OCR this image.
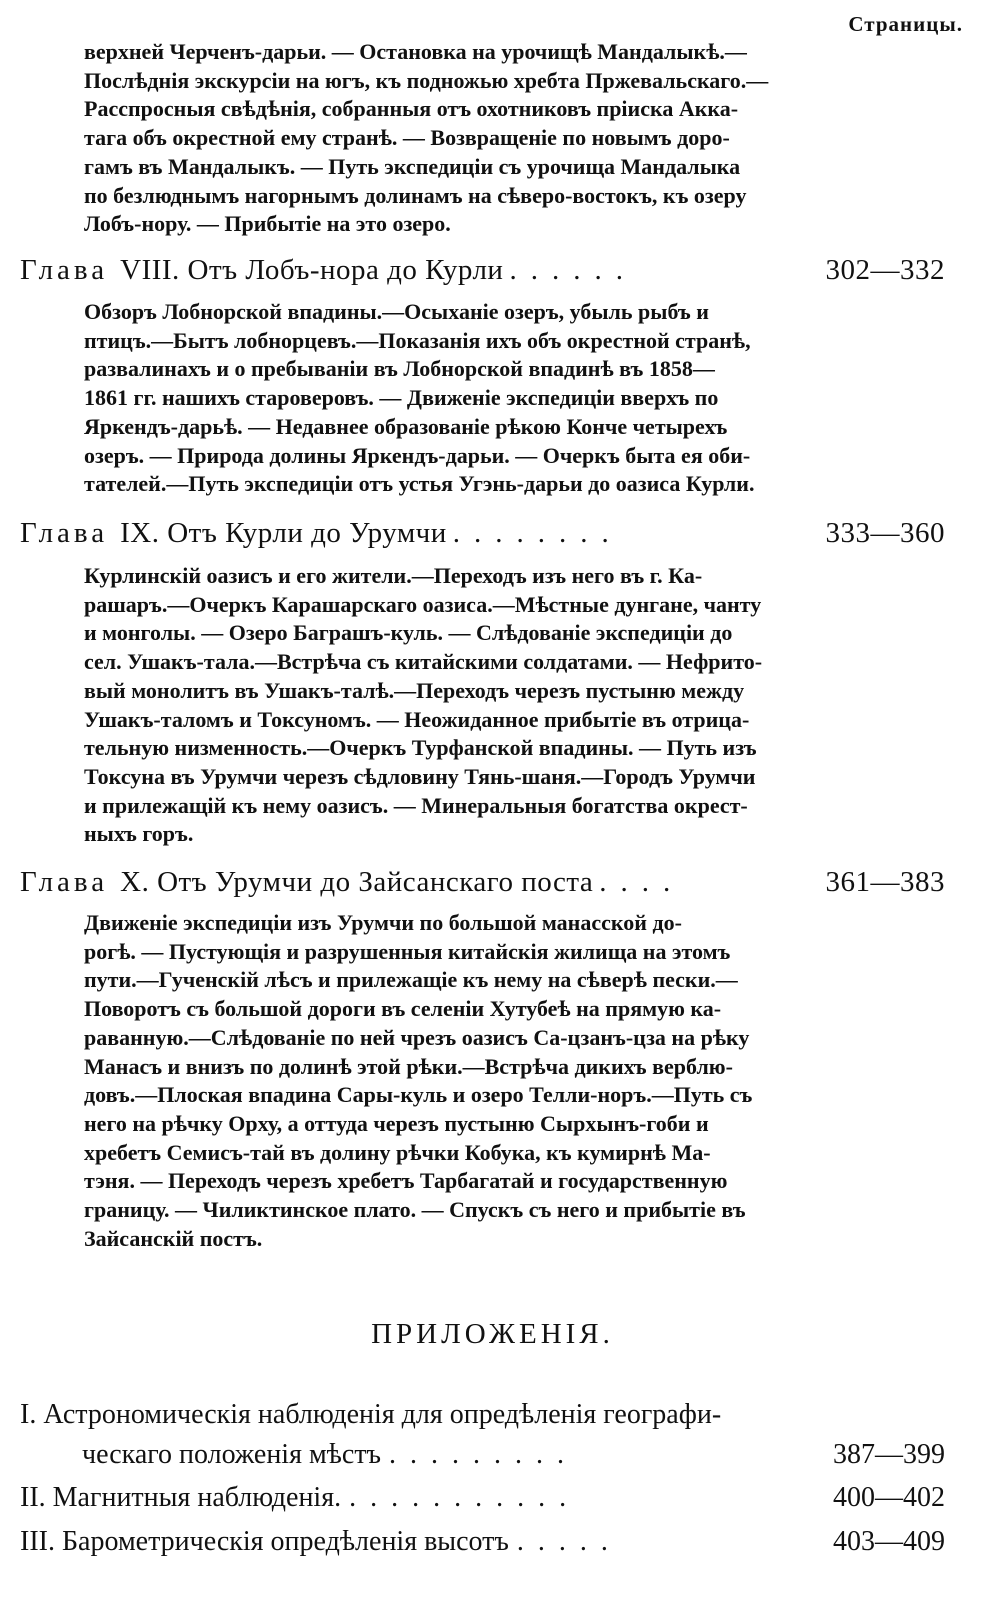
Страницы.
верхней Черченъ-дарьи. — Остановка на урочищѣ Мандалыкѣ.—
Послѣднія экскурсіи на югъ, къ подножью хребта Пржевальскаго.—
Расспросныя свѣдѣнія, собранныя отъ охотниковъ пріиска Акка-
тага объ окрестной ему странѣ. — Возвращеніе по новымъ доро-
гамъ въ Мандалыкъ. — Путь экспедиціи съ урочища Мандалыка
по безлюднымъ нагорнымъ долинамъ на сѣверо-востокъ, къ озеру
Лобъ-нору. — Прибытіе на это озеро.
Глава VIII. Отъ Лобъ-нора до Курли ......	302—332
Обзоръ Лобнорской впадины.—Осыханіе озеръ, убыль рыбъ и
птицъ.—Бытъ лобнорцевъ.—Показанія ихъ объ окрестной странѣ,
развалинахъ и о пребываніи въ Лобнорской впадинѣ въ 1858—
1861 гг. нашихъ староверовъ. — Движеніе экспедиціи вверхъ по
Яркендъ-дарьѣ. — Недавнее образованіе рѣкою Конче четырехъ
озеръ. — Природа долины Яркендъ-дарьи. — Очеркъ быта ея оби-
тателей.—Путь экспедиціи отъ устья Угэнь-дарьи до оазиса Курли.
Глава IX. Отъ Курли до Урумчи ........	333—360
Курлинскій оазисъ и его жители.—Переходъ изъ него въ г. Ка-
рашаръ.—Очеркъ Карашарскаго оазиса.—Мѣстные дунгане, чанту
и монголы. — Озеро Баграшъ-куль. — Слѣдованіе экспедиціи до
сел. Ушакъ-тала.—Встрѣча съ китайскими солдатами. — Нефрито-
вый монолитъ въ Ушакъ-талѣ.—Переходъ черезъ пустыню между
Ушакъ-таломъ и Токсуномъ. — Неожиданное прибытіе въ отрица-
тельную низменность.—Очеркъ Турфанской впадины. — Путь изъ
Токсуна въ Урумчи черезъ сѣдловину Тянь-шаня.—Городъ Урумчи
и прилежащій къ нему оазисъ. — Минеральныя богатства окрест-
ныхъ горъ.
Глава X. Отъ Урумчи до Зайсанскаго поста ....	361—383
Движеніе экспедиціи изъ Урумчи по большой манасской до-
рогѣ. — Пустующія и разрушенныя китайскія жилища на этомъ
пути.—Гученскій лѣсъ и прилежащіе къ нему на сѣверѣ пески.—
Поворотъ съ большой дороги въ селеніи Хутубеѣ на прямую ка-
раванную.—Слѣдованіе по ней чрезъ оазисъ Са-цзанъ-цза на рѣку
Манасъ и внизъ по долинѣ этой рѣки.—Встрѣча дикихъ верблю-
довъ.—Плоская впадина Сары-куль и озеро Телли-норъ.—Путь съ
него на рѣчку Орху, а оттуда черезъ пустыню Сырхынъ-гоби и
хребетъ Семисъ-тай въ долину рѣчки Кобука, къ кумирнѣ Ма-
тэня. — Переходъ черезъ хребетъ Тарбагатай и государственную
границу. — Чиликтинское плато. — Спускъ съ него и прибытіе въ
Зайсанскій постъ.
ПРИЛОЖЕНІЯ.
I. Астрономическія наблюденія для опредѣленія географи-
ческаго положенія мѣстъ .........	387—399
II. Магнитныя наблюденія. ...........	400—402
III. Барометрическія опредѣленія высотъ .....	403—409
